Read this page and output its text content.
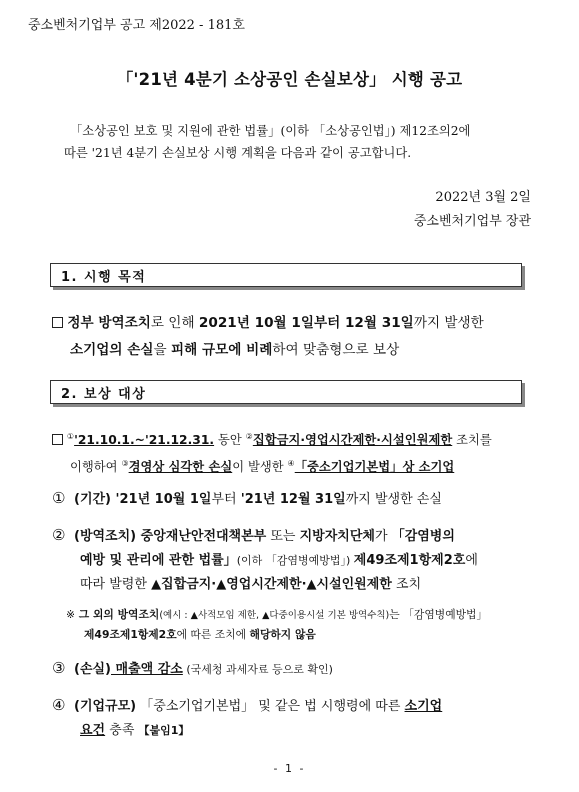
중소벤처기업부 공고 제2022 - 181호
「'21년 4분기 소상공인 손실보상」 시행 공고
「소상공인 보호 및 지원에 관한 법률」(이하 「소상공인법」) 제12조의2에
따른 '21년 4분기 손실보상 시행 계획을 다음과 같이 공고합니다.
2022년 3월 2일
중소벤처기업부 장관
1. 시행 목적
정부 방역조치로 인해 2021년 10월 1일부터 12월 31일까지 발생한
소기업의 손실을 피해 규모에 비례하여 맞춤형으로 보상
2. 보상 대상
①'21.10.1.~'21.12.31. 동안 ②집합금지·영업시간제한·시설인원제한 조치를
이행하여 ③경영상 심각한 손실이 발생한 ④「중소기업기본법」상 소기업
① (기간) '21년 10월 1일부터 '21년 12월 31일까지 발생한 손실
② (방역조치) 중앙재난안전대책본부 또는 지방자치단체가 「감염병의
예방 및 관리에 관한 법률」(이하 「감염병예방법」) 제49조제1항제2호에
따라 발령한 ▲집합금지·▲영업시간제한·▲시설인원제한 조치
※ 그 외의 방역조치(예시 : ▲사적모임 제한, ▲다중이용시설 기본 방역수칙)는 「감염병예방법」
제49조제1항제2호에 따른 조치에 해당하지 않음
③ (손실) 매출액 감소 (국세청 과세자료 등으로 확인)
④ (기업규모) 「중소기업기본법」 및 같은 법 시행령에 따른 소기업
요건 충족 【붙임1】
- 1 -
